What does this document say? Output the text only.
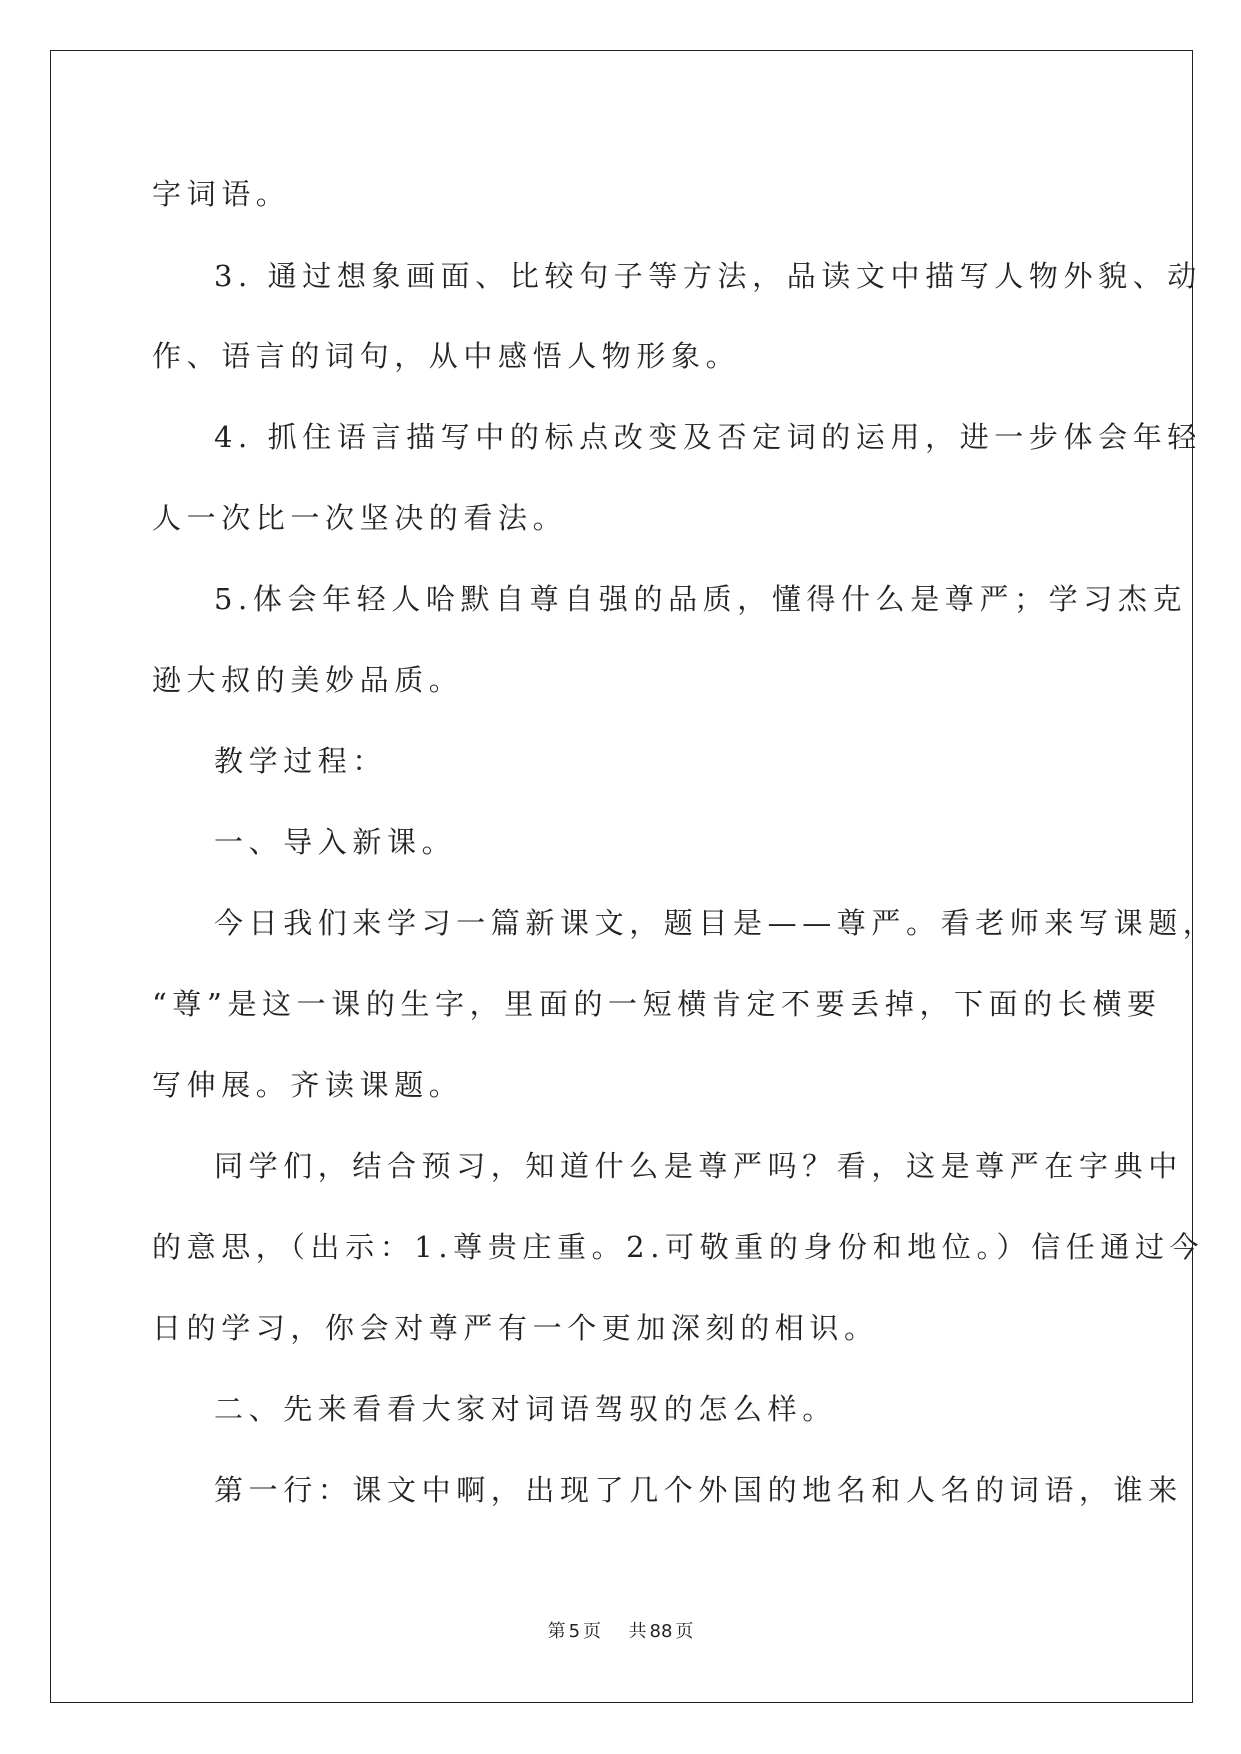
字词语。
3. 通过想象画面、比较句子等方法，品读文中描写人物外貌、动
作、语言的词句，从中感悟人物形象。
4. 抓住语言描写中的标点改变及否定词的运用，进一步体会年轻
人一次比一次坚决的看法。
5.体会年轻人哈默自尊自强的品质，懂得什么是尊严；学习杰克
逊大叔的美妙品质。
教学过程：
一、导入新课。
今日我们来学习一篇新课文，题目是——尊严。看老师来写课题，
“尊”是这一课的生字，里面的一短横肯定不要丢掉，下面的长横要
写伸展。齐读课题。
同学们，结合预习，知道什么是尊严吗？看，这是尊严在字典中
的意思，（出示：1.尊贵庄重。2.可敬重的身份和地位。）信任通过今
日的学习，你会对尊严有一个更加深刻的相识。
二、先来看看大家对词语驾驭的怎么样。
第一行：课文中啊，出现了几个外国的地名和人名的词语，谁来
第 5 页 共 88 页
